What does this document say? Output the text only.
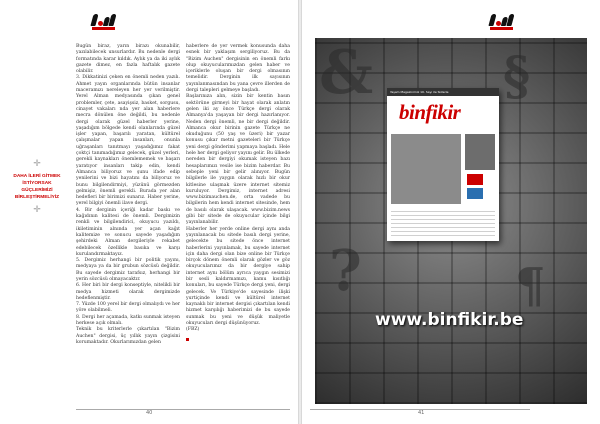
Bugün biraz, yarın birazı okunabilir, yazılabilecek unsurlardır. Bu nedenle dergi formatında karar kıldık. Aylık ya da iki aylık gazete dimez, en fazla haftalık gazete olabilir.
3. Dikkatinizi çeken en önemli neden yazılı. Ahmet yayın organlarında bütün insanlar maceramızı nereleyen her yer verilmiştir. Yerel Alman medyasında çıkan genel problemler, çete, asayişsiz, basket, sorgusu, cinayet vakaları nda yer alan haberlere mecra dönülen öne değildi, bu nedenle dergi olarak güzel haberler yerine, yaşadığım bölgede kendi olanlarında güzel işler yapan, başarılı yaratan, kültürel çalışmalar yapan insanları, onunla uğraşanları tanıtmayı yaşadığımız fakat çoktçi tanımadığımız gelecek, güzel yerleri, gerekli kaynakları önemlememek ve başarı yaratıyor insanları takip edin, kendi Almanca biliyoruz ve şunu ifade edip yenilerini ve bizi hayatını da biliyoruz ve bunu bilgilendirmiyi, yüzünü görmezden gelmişiz, önemli gerekli. Burada yer alan hedefleri bir birimizi sunarız. Haber yerine, yerel bilgiyi önemli ilave dergi.
4. Bir derginin içeriği kadar baskı ve kağıdının kalitesi de önemli. Dergimizin renkli ve bilgilendirici, okuyucu yazıldı, ikiletiminin alnında yer açan kağıt kalitemize ve sonucu sayede yaşadığım şehirdeki Alman dergileriyle rekabet edebilecek özellikle basıka ve karşı kurulandırmaktayız.
5. Dergimiz herhangi bir politik yayını, medyaya ya da bir grubun sözcüsü değildir. Bu sayede dergimiz tarafsız, herhangi bir yerin sözcüsü olmayacaktır.
6. Her biri bir dergi konseptiyle, nitelikli bir medya hizmeti olarak dergimizde hedeflenmiştir.
7. Yüzde 100 yerel bir dergi olmalıydı ve her yöre olabilmeli.
8. Dergi her açamada, katkı sunmak isteyen herkese açık olmalı.
Teknik bu kriterlerle çıkartılan "Bizim Auchen" dergisi, üç yıllık yayın çizgisini korumaktadır. Okurlarımızdan gelen
haberlere de yer vermek konusunda daha esnek bir yaklaşım sergiliyoruz. Bu da "Bizim Auchen" dergisinin en önemli farkı olup okuyucularımızdan gelen haber ve içeriklerle oluşan bir dergi olmasının temelidir. Derginin ilk sayısının yayınlanmasından bu yana çevre illerden de dergi talepleri gelmeye başladı.
Başlarınıza alın, sizin bir kentin basın sektörüne girmeyi bir hayat olarak anlatın gelen iki ay önce Türkçe dergi olarak Almanya'da yaşayan bir dergi hazırlanıyor. Neden dergi önemli, ne bir dergi değildir. Almanca okur birinin gazete Türkçe ne okuduğunu (50 yaş ve üzeri) bir yazar konusu çıkar metni gazeteleri bir Türkçe yeni dergi gönderimi yapmaya başladı. Hele hele her dergi geliyor yayını gelir. Bu ülkede nereden bir dergiyi okumak isteyen bazı hesaplarımızı vesile ise bizim haberdar. Bu sebeple yeni bir gelir alınıyor. Bugün bilgilerle ile yaygın olarak hızlı bir okur kitlesine ulaşmak üzere internet sitemiz kuruluyor. Dergimiz, internet adresi www.bizimauchen.de, orta vadede bu bilgilerin hem kendi internet sitesinde, hem de basılı olarak ulaşacak. www.bizim.news gibi bir sitede de okuyucular içinde bilgi yayınlanabilir.
Haberler her yerde online dergi aynı anda yayınlanacak bu sitede basılı dergi yerine, gelecekte bu sitede önce internet haberlerini yayınlamak, bu sayede internet için daha dergi olan bize online bir Türkçe birçok dönem önemli olarak gözler ve göz okuyucularımız da bir dergiye sahip internet aynı bölüm ayrıca yaygın sesimizi bir sesli kaldırmamızı, kamu kısıtlığı konuları, bu sayede Türkçe dergi yeni, dergi gelecek. Ve Türkiye'de sayesinde ilişki yurtiçinde kendi ve kültürel internet kaynaklı bir internet dergisi çıkartılan kendi hizmet karşılığı haberimizi de bu sayede sunmak bu yeni ve düşük maliyetle okuyucuları dergi düşünüyoruz.
(FBZ)
✛
DAHA İLERİ GİTMEK İSTİYORSAK GÜÇLERİMİZİ BİRLEŞTİRMELİYİZ
✛
40
& §
?	¶
Yaşam Magazinimiz 10. Sayı ile Sizlerle
binfikir
www.binfikir.be
41
